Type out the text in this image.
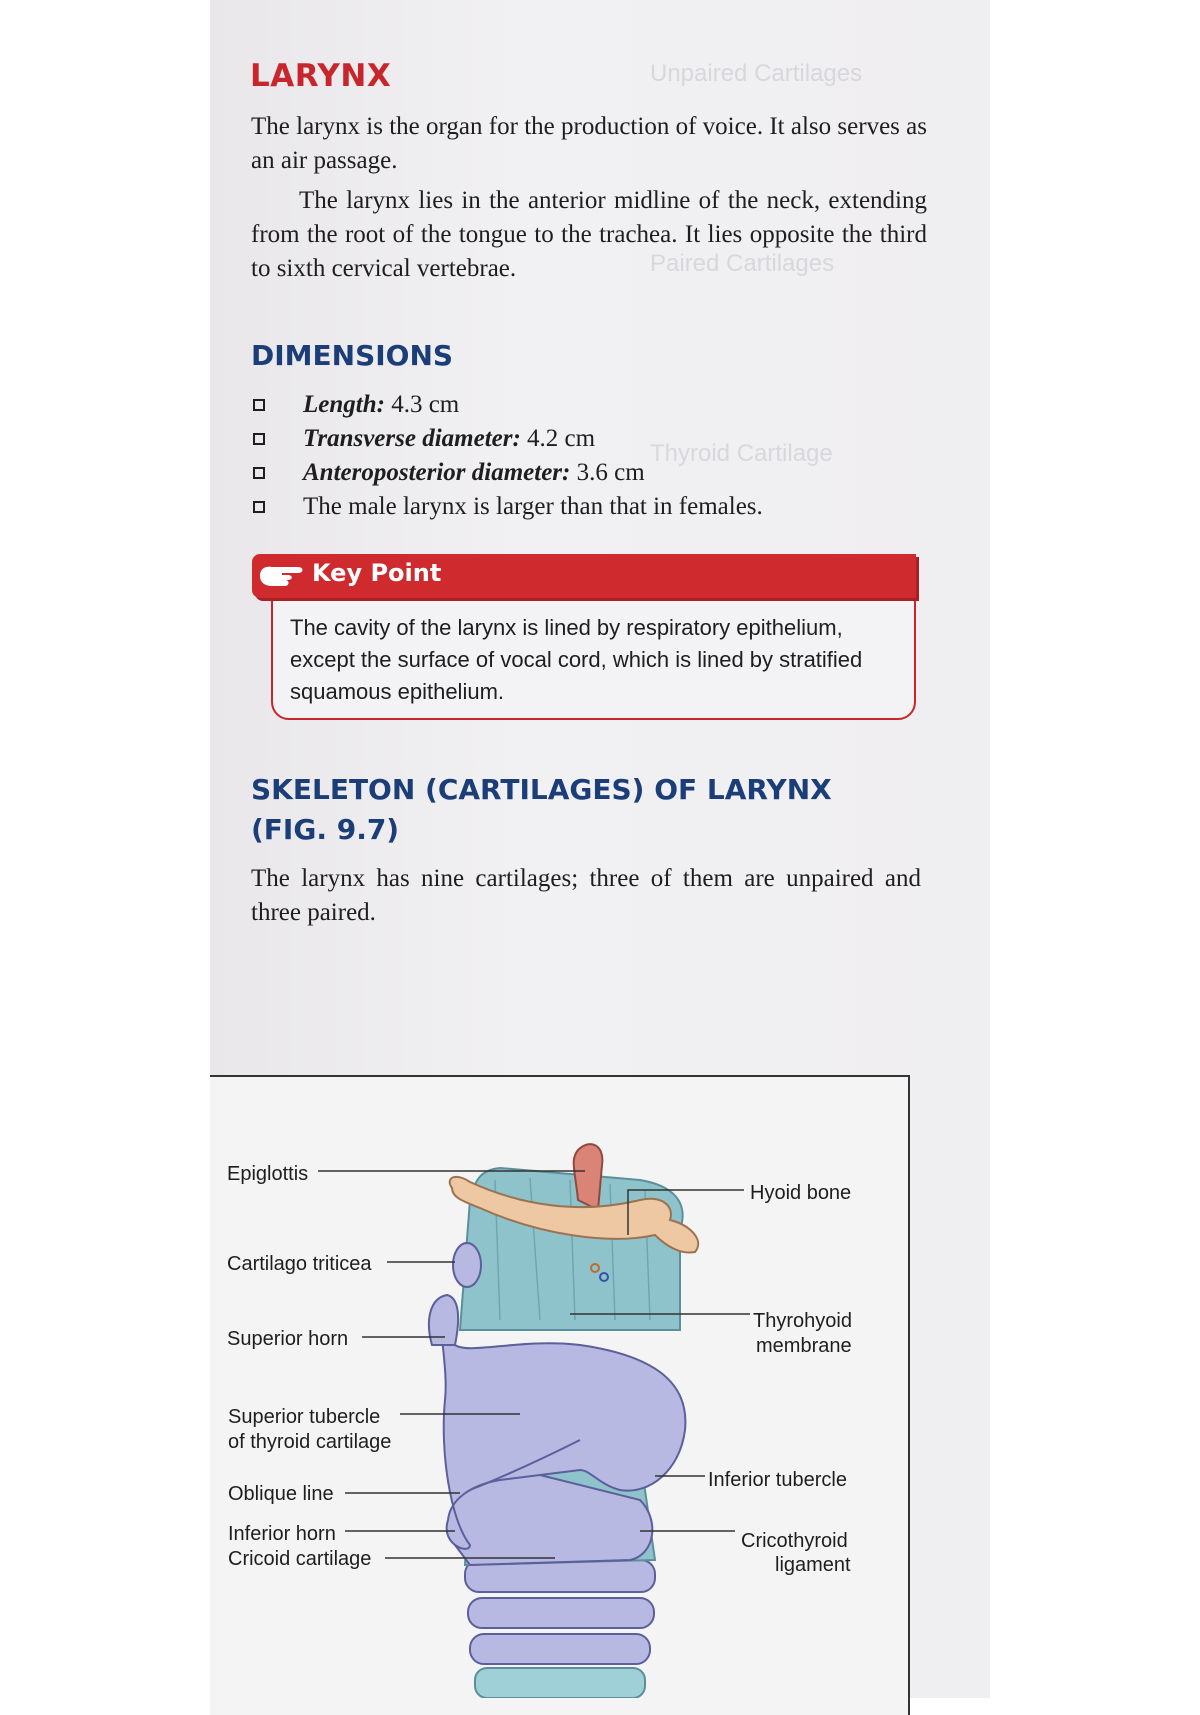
Unpaired Cartilages
Paired Cartilages
Thyroid Cartilage
LARYNX

The larynx is the organ for the production of voice. It also serves as an air passage.

The larynx lies in the anterior midline of the neck, extending from the root of the tongue to the trachea. It lies opposite the third to sixth cervical vertebrae.

DIMENSIONS
Length: 4.3 cm
Transverse diameter: 4.2 cm
Anteroposterior diameter: 3.6 cm
The male larynx is larger than that in females.
Key Point

The cavity of the larynx is lined by respiratory epithelium, except the surface of vocal cord, which is lined by stratified squamous epithelium.

SKELETON (CARTILAGES) OF LARYNX
(FIG. 9.7)

The larynx has nine cartilages; three of them are unpaired and three paired.

Epiglottis
Hyoid bone
Cartilago triticea
Superior horn
Thyrohyoid
membrane
Superior tubercle
of thyroid cartilage
Inferior tubercle
Oblique line
Inferior horn
Cricoid cartilage
Cricothyroid
ligament
